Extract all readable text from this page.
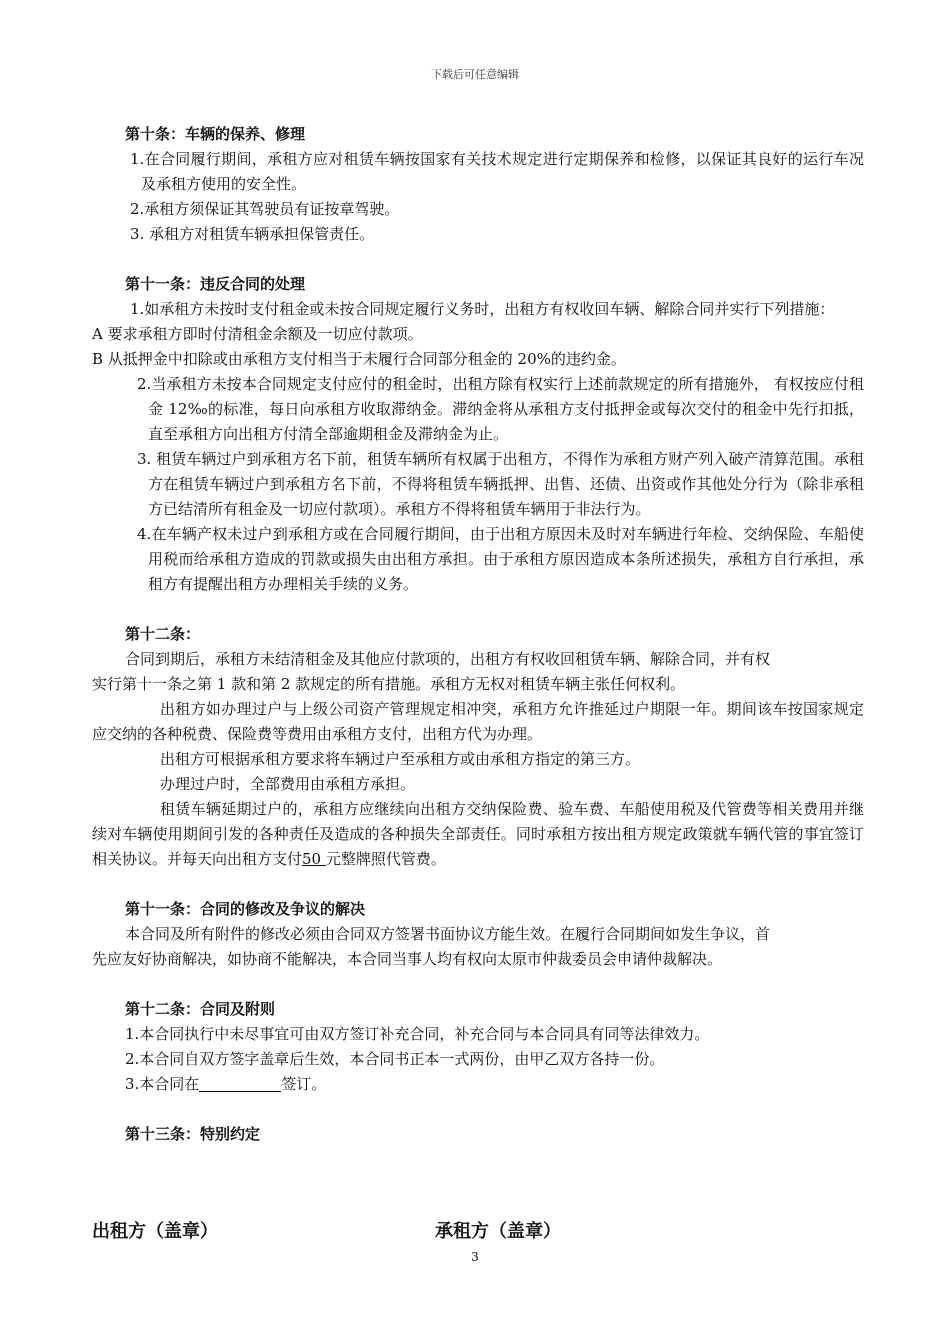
下载后可任意编辑
第十条：车辆的保养、修理
1.在合同履行期间，承租方应对租赁车辆按国家有关技术规定进行定期保养和检修，以保证其良好的运行车况及承租方使用的安全性。
2.承租方须保证其驾驶员有证按章驾驶。
3. 承租方对租赁车辆承担保管责任。
第十一条：违反合同的处理
1.如承租方未按时支付租金或未按合同规定履行义务时，出租方有权收回车辆、解除合同并实行下列措施：
A 要求承租方即时付清租金余额及一切应付款项。
B 从抵押金中扣除或由承租方支付相当于未履行合同部分租金的 20%的违约金。
2.当承租方未按本合同规定支付应付的租金时，出租方除有权实行上述前款规定的所有措施外， 有权按应付租金 12‰的标准，每日向承租方收取滞纳金。滞纳金将从承租方支付抵押金或每次交付的租金中先行扣抵，直至承租方向出租方付清全部逾期租金及滞纳金为止。
3. 租赁车辆过户到承租方名下前，租赁车辆所有权属于出租方，不得作为承租方财产列入破产清算范围。承租方在租赁车辆过户到承租方名下前，不得将租赁车辆抵押、出售、还债、出资或作其他处分行为（除非承租方已结清所有租金及一切应付款项）。承租方不得将租赁车辆用于非法行为。
4.在车辆产权未过户到承租方或在合同履行期间，由于出租方原因未及时对车辆进行年检、交纳保险、车船使用税而给承租方造成的罚款或损失由出租方承担。由于承租方原因造成本条所述损失，承租方自行承担，承租方有提醒出租方办理相关手续的义务。
第十二条：
合同到期后，承租方未结清租金及其他应付款项的，出租方有权收回租赁车辆、解除合同，并有权
实行第十一条之第 1 款和第 2 款规定的所有措施。承租方无权对租赁车辆主张任何权利。
出租方如办理过户与上级公司资产管理规定相冲突，承租方允许推延过户期限一年。期间该车按国家规定应交纳的各种税费、保险费等费用由承租方支付，出租方代为办理。
出租方可根据承租方要求将车辆过户至承租方或由承租方指定的第三方。
办理过户时，全部费用由承租方承担。
租赁车辆延期过户的，承租方应继续向出租方交纳保险费、验车费、车船使用税及代管费等相关费用并继续对车辆使用期间引发的各种责任及造成的各种损失全部责任。同时承租方按出租方规定政策就车辆代管的事宜签订相关协议。并每天向出租方支付50 元整牌照代管费。
第十一条：合同的修改及争议的解决
本合同及所有附件的修改必须由合同双方签署书面协议方能生效。在履行合同期间如发生争议，首
先应友好协商解决，如协商不能解决，本合同当事人均有权向太原市仲裁委员会申请仲裁解决。
第十二条：合同及附则
1.本合同执行中未尽事宜可由双方签订补充合同，补充合同与本合同具有同等法律效力。
2.本合同自双方签字盖章后生效，本合同书正本一式两份，由甲乙双方各持一份。
3.本合同在	签订。
第十三条：特别约定
出租方（盖章）	承租方（盖章）
3
